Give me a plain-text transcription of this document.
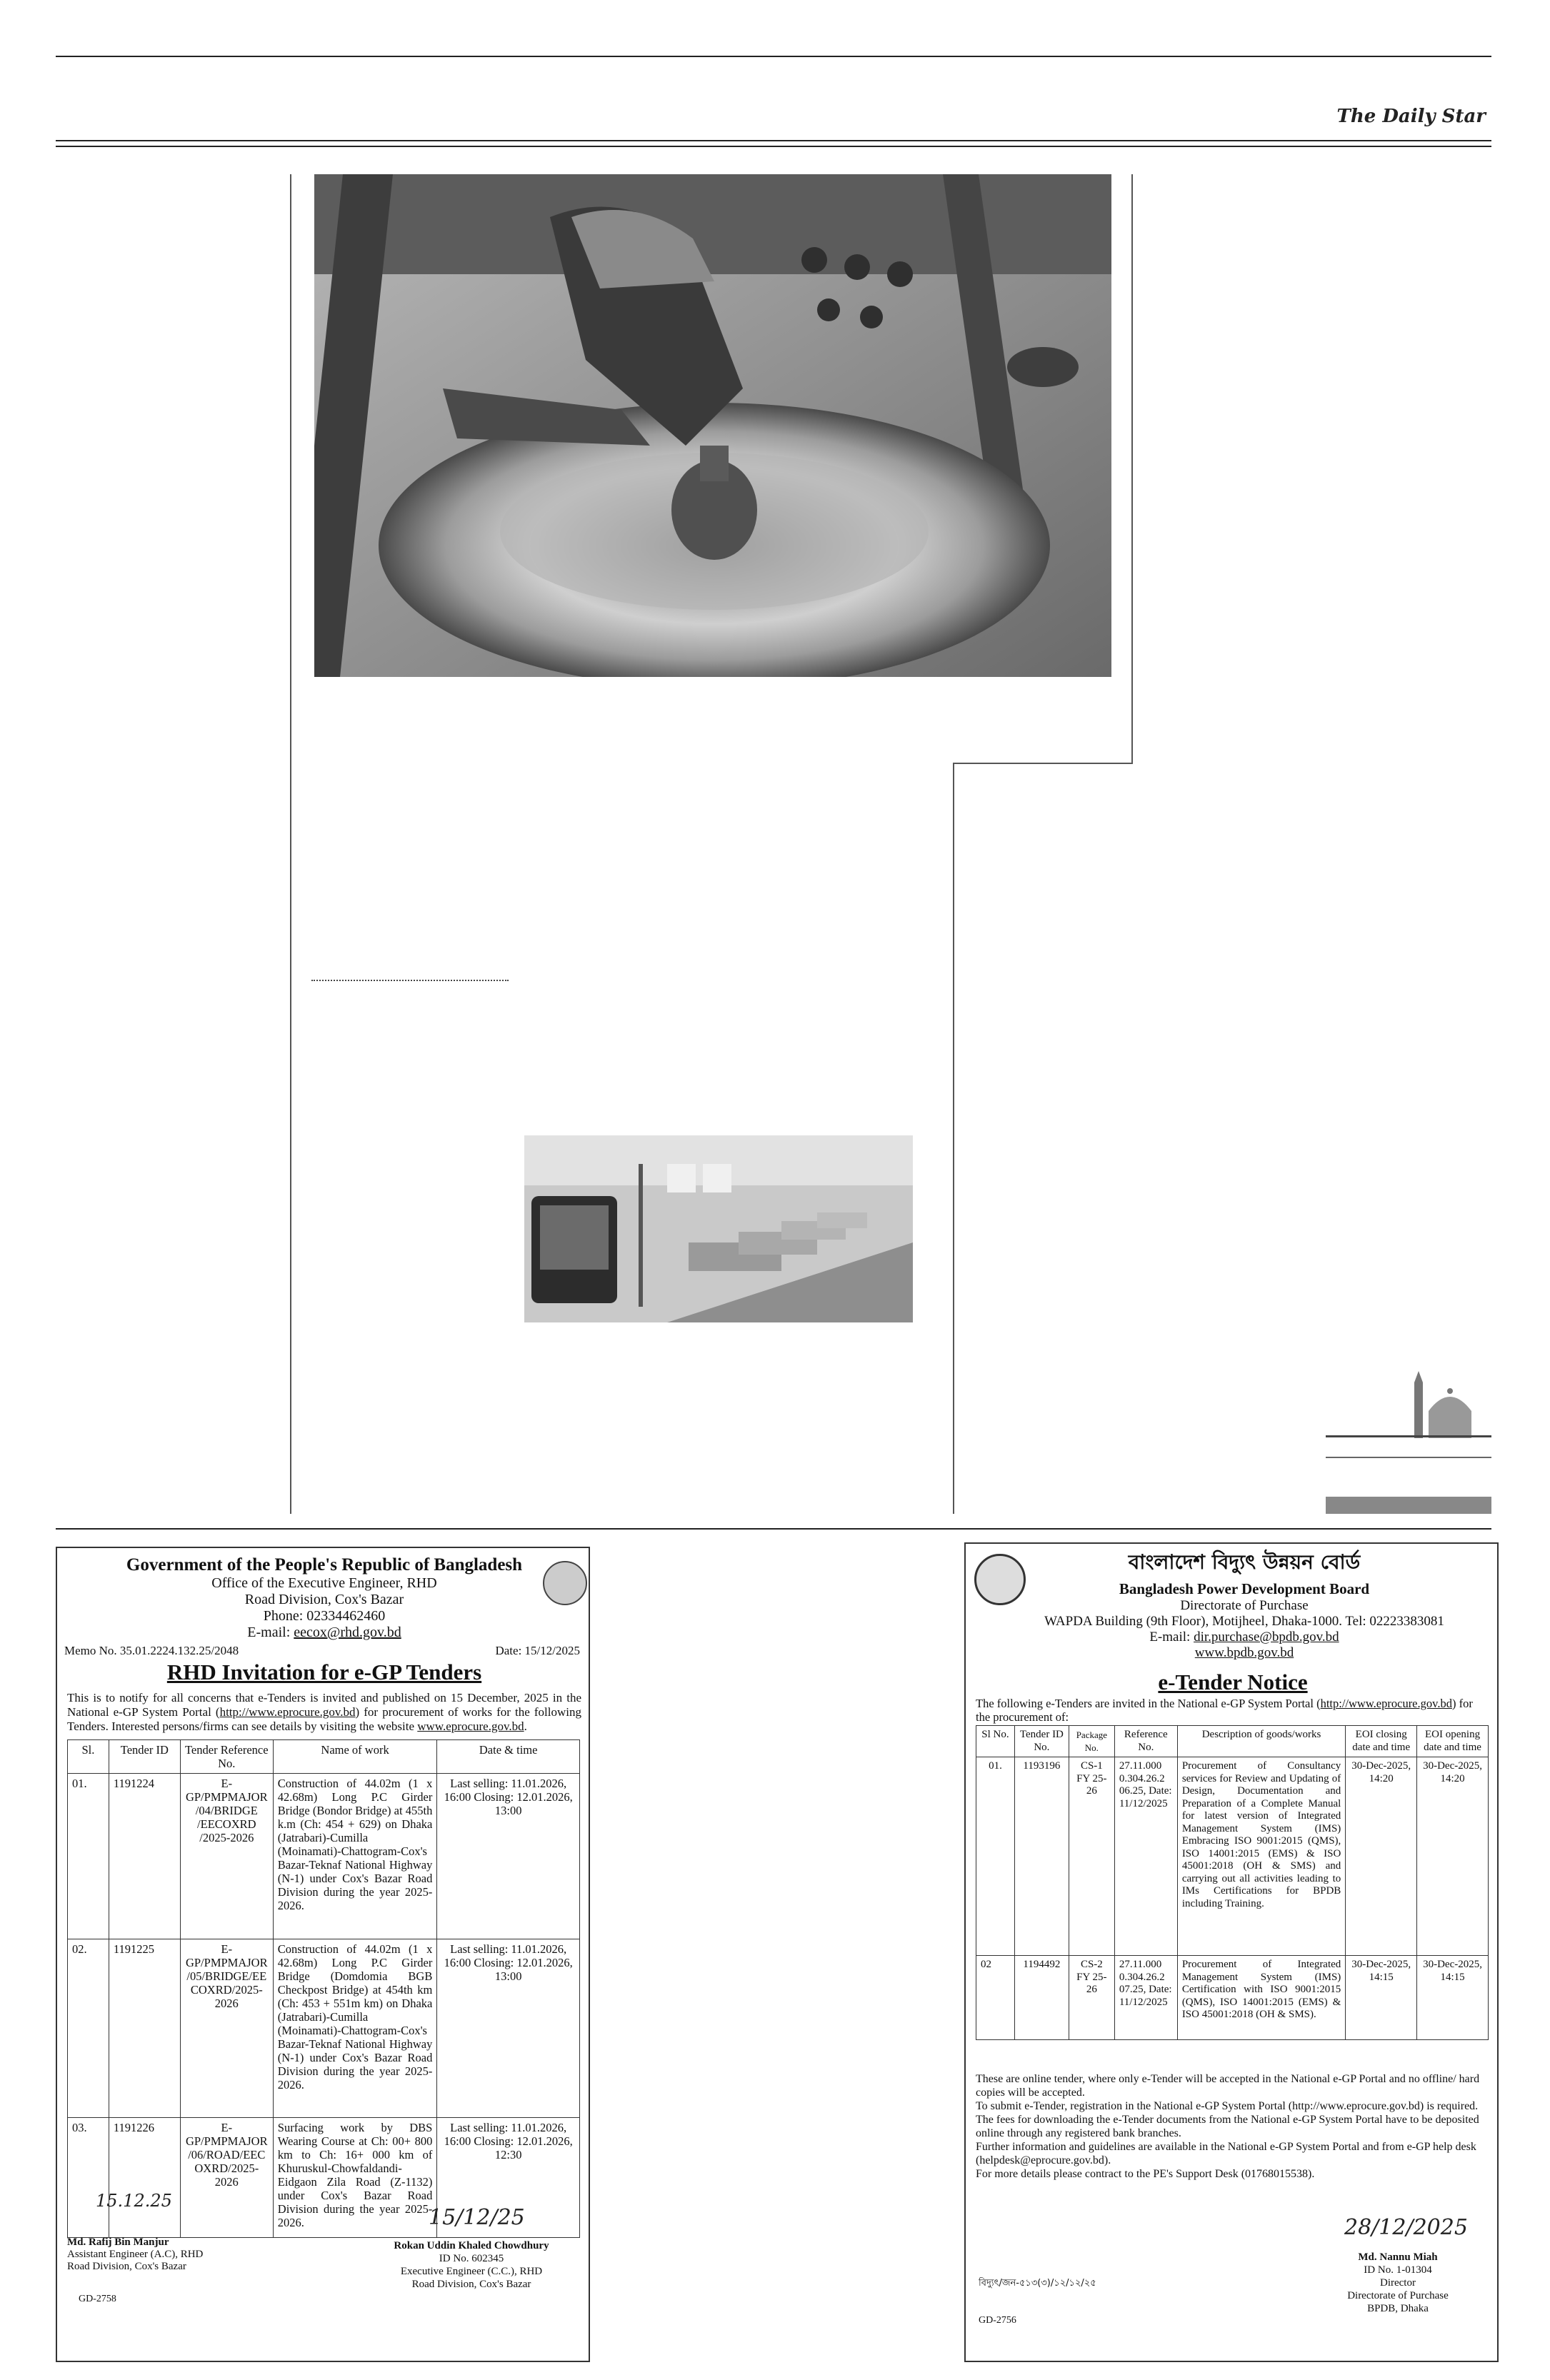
The Daily Star
Government of the People's Republic of Bangladesh
Office of the Executive Engineer, RHD
Road Division, Cox's Bazar
Phone: 02334462460
E-mail: eecox@rhd.gov.bd
Memo No. 35.01.2224.132.25/2048	Date: 15/12/2025
RHD Invitation for e-GP Tenders
This is to notify for all concerns that e-Tenders is invited and published on 15 December, 2025 in the National e-GP System Portal (http://www.eprocure.gov.bd) for procurement of works for the following Tenders. Interested persons/firms can see details by visiting the website www.eprocure.gov.bd.
Sl.	Tender ID	Tender Reference No.	Name of work	Date & time
01.	1191224	E-GP/PMPMAJOR /04/BRIDGE /EECOXRD /2025-2026	Construction of 44.02m (1 x 42.68m) Long P.C Girder Bridge (Bondor Bridge) at 455th k.m (Ch: 454 + 629) on Dhaka (Jatrabari)-Cumilla (Moinamati)-Chattogram-Cox's Bazar-Teknaf National Highway (N-1) under Cox's Bazar Road Division during the year 2025-2026.	Last selling: 11.01.2026, 16:00 Closing: 12.01.2026, 13:00
02.	1191225	E-GP/PMPMAJOR /05/BRIDGE/EE COXRD/2025-2026	Construction of 44.02m (1 x 42.68m) Long P.C Girder Bridge (Domdomia BGB Checkpost Bridge) at 454th km (Ch: 453 + 551m km) on Dhaka (Jatrabari)-Cumilla (Moinamati)-Chattogram-Cox's Bazar-Teknaf National Highway (N-1) under Cox's Bazar Road Division during the year 2025-2026.	Last selling: 11.01.2026, 16:00 Closing: 12.01.2026, 13:00
03.	1191226	E-GP/PMPMAJOR /06/ROAD/EEC OXRD/2025-2026	Surfacing work by DBS Wearing Course at Ch: 00+ 800 km to Ch: 16+ 000 km of Khuruskul-Chowfaldandi-Eidgaon Zila Road (Z-1132) under Cox's Bazar Road Division during the year 2025-2026.	Last selling: 11.01.2026, 16:00 Closing: 12.01.2026, 12:30
15.12.25
Md. Rafij Bin Manjur
Assistant Engineer (A.C), RHD
Road Division, Cox's Bazar
15/12/25
Rokan Uddin Khaled Chowdhury
ID No. 602345
Executive Engineer (C.C.), RHD
Road Division, Cox's Bazar
GD-2758
বাংলাদেশ বিদ্যুৎ উন্নয়ন বোর্ড
Bangladesh Power Development Board
Directorate of Purchase
WAPDA Building (9th Floor), Motijheel, Dhaka-1000. Tel: 02223383081
E-mail: dir.purchase@bpdb.gov.bd
www.bpdb.gov.bd
e-Tender Notice
The following e-Tenders are invited in the National e-GP System Portal (http://www.eprocure.gov.bd) for the procurement of:
Sl No.	Tender ID No.	Package No.	Reference No.	Description of goods/works	EOI closing date and time	EOI opening date and time
01.	1193196	CS-1 FY 25-26	27.11.000 0.304.26.2 06.25, Date: 11/12/2025	Procurement of Consultancy services for Review and Updating of Design, Documentation and Preparation of a Complete Manual for latest version of Integrated Management System (IMS) Embracing ISO 9001:2015 (QMS), ISO 14001:2015 (EMS) & ISO 45001:2018 (OH & SMS) and carrying out all activities leading to IMs Certifications for BPDB including Training.	30-Dec-2025, 14:20	30-Dec-2025, 14:20
02	1194492	CS-2 FY 25-26	27.11.000 0.304.26.2 07.25, Date: 11/12/2025	Procurement of Integrated Management System (IMS) Certification with ISO 9001:2015 (QMS), ISO 14001:2015 (EMS) & ISO 45001:2018 (OH & SMS).	30-Dec-2025, 14:15	30-Dec-2025, 14:15
These are online tender, where only e-Tender will be accepted in the National e-GP Portal and no offline/ hard copies will be accepted.
To submit e-Tender, registration in the National e-GP System Portal (http://www.eprocure.gov.bd) is required.
The fees for downloading the e-Tender documents from the National e-GP System Portal have to be deposited online through any registered bank branches.
Further information and guidelines are available in the National e-GP System Portal and from e-GP help desk (helpdesk@eprocure.gov.bd).
For more details please contract to the PE's Support Desk (01768015538).
28/12/2025
বিদ্যুৎ/জন-৫১৩(৩)/১২/১২/২৫
Md. Nannu Miah
ID No. 1-01304
Director
Directorate of Purchase
BPDB, Dhaka
GD-2756
